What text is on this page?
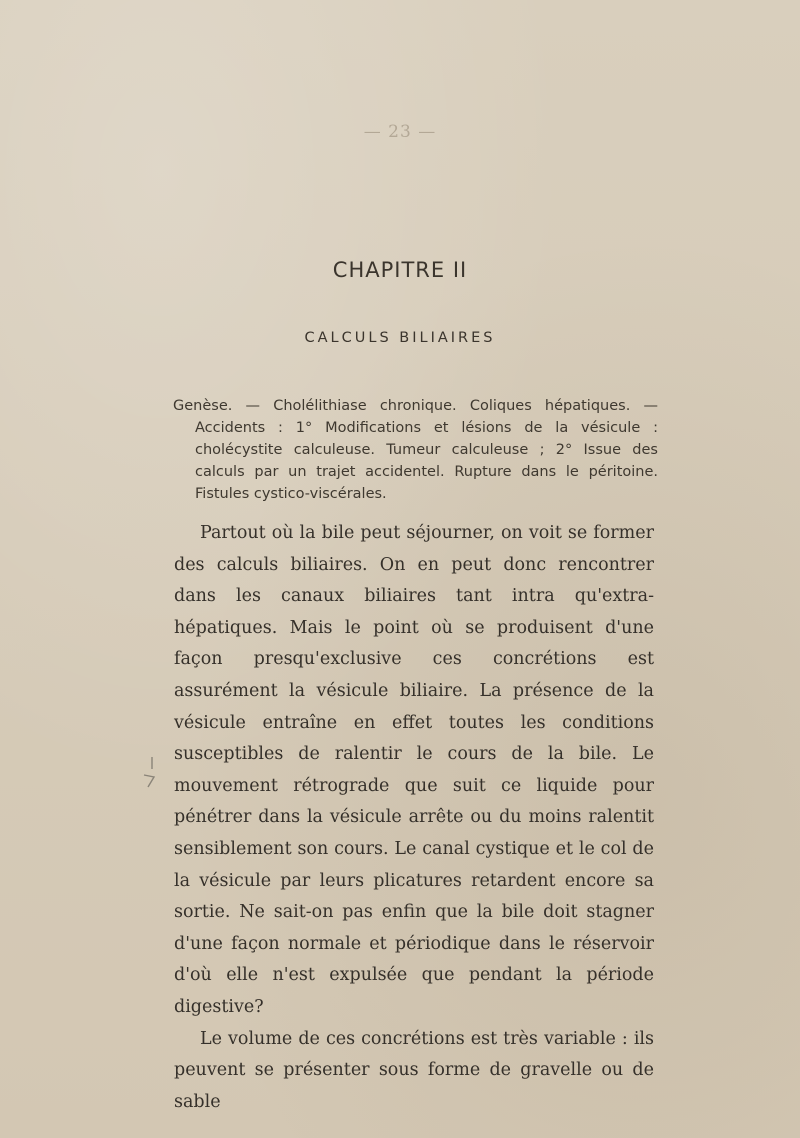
— 23 —
CHAPITRE II
CALCULS BILIAIRES
Genèse. — Cholélithiase chronique. Coliques hépatiques. — Accidents : 1° Modifications et lésions de la vésicule : cholécystite calculeuse. Tumeur calculeuse ; 2° Issue des calculs par un trajet accidentel. Rupture dans le péritoine. Fistules cystico-viscérales.

Partout où la bile peut séjourner, on voit se former des calculs biliaires. On en peut donc rencontrer dans les canaux biliaires tant intra qu'extra-hépatiques. Mais le point où se produisent d'une façon presqu'exclusive ces concrétions est assurément la vésicule biliaire. La présence de la vésicule entraîne en effet toutes les conditions susceptibles de ralentir le cours de la bile. Le mouvement rétrograde que suit ce liquide pour pénétrer dans la vésicule arrête ou du moins ralentit sensiblement son cours. Le canal cystique et le col de la vésicule par leurs plicatures retardent encore sa sortie. Ne sait-on pas enfin que la bile doit stagner d'une façon normale et périodique dans le réservoir d'où elle n'est expulsée que pendant la période digestive?

Le volume de ces concrétions est très variable : ils peuvent se présenter sous forme de gravelle ou de sable
